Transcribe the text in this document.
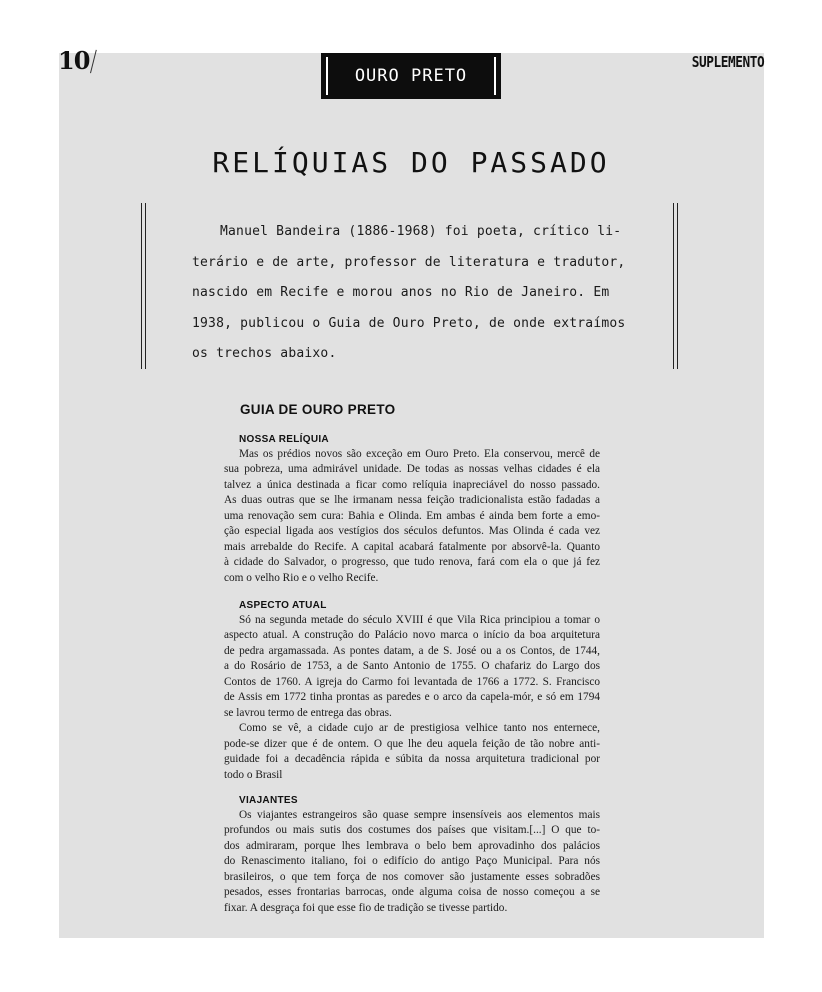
10	SUPLEMENTO
OURO PRETO
RELÍQUIAS DO PASSADO
Manuel Bandeira (1886-1968) foi poeta, crítico li-
terário e de arte, professor de literatura e tradutor,
nascido em Recife e morou anos no Rio de Janeiro. Em
1938, publicou o Guia de Ouro Preto, de onde extraímos
os trechos abaixo.
GUIA DE OURO PRETO
NOSSA RELÍQUIA
Mas os prédios novos são exceção em Ouro Preto. Ela conservou, mercê de
sua pobreza, uma admirável unidade. De todas as nossas velhas cidades é ela
talvez a única destinada a ficar como relíquia inapreciável do nosso passado.
As duas outras que se lhe irmanam nessa feição tradicionalista estão fadadas a
uma renovação sem cura: Bahia e Olinda. Em ambas é ainda bem forte a emo-
ção especial ligada aos vestígios dos séculos defuntos. Mas Olinda é cada vez
mais arrebalde do Recife. A capital acabará fatalmente por absorvê-la. Quanto
à cidade do Salvador, o progresso, que tudo renova, fará com ela o que já fez
com o velho Rio e o velho Recife.
ASPECTO ATUAL
Só na segunda metade do século XVIII é que Vila Rica principiou a tomar o
aspecto atual. A construção do Palácio novo marca o início da boa arquitetura
de pedra argamassada. As pontes datam, a de S. José ou a os Contos, de 1744,
a do Rosário de 1753, a de Santo Antonio de 1755. O chafariz do Largo dos
Contos de 1760. A igreja do Carmo foi levantada de 1766 a 1772. S. Francisco
de Assis em 1772 tinha prontas as paredes e o arco da capela-mór, e só em 1794
se lavrou termo de entrega das obras.
Como se vê, a cidade cujo ar de prestigiosa velhice tanto nos enternece,
pode-se dizer que é de ontem. O que lhe deu aquela feição de tão nobre anti-
guidade foi a decadência rápida e súbita da nossa arquitetura tradicional por
todo o Brasil
VIAJANTES
Os viajantes estrangeiros são quase sempre insensíveis aos elementos mais
profundos ou mais sutis dos costumes dos países que visitam.[...] O que to-
dos admiraram, porque lhes lembrava o belo bem aprovadinho dos palácios
do Renascimento italiano, foi o edifício do antigo Paço Municipal. Para nós
brasileiros, o que tem força de nos comover são justamente esses sobradões
pesados, esses frontarias barrocas, onde alguma coisa de nosso começou a se
fixar. A desgraça foi que esse fio de tradição se tivesse partido.
